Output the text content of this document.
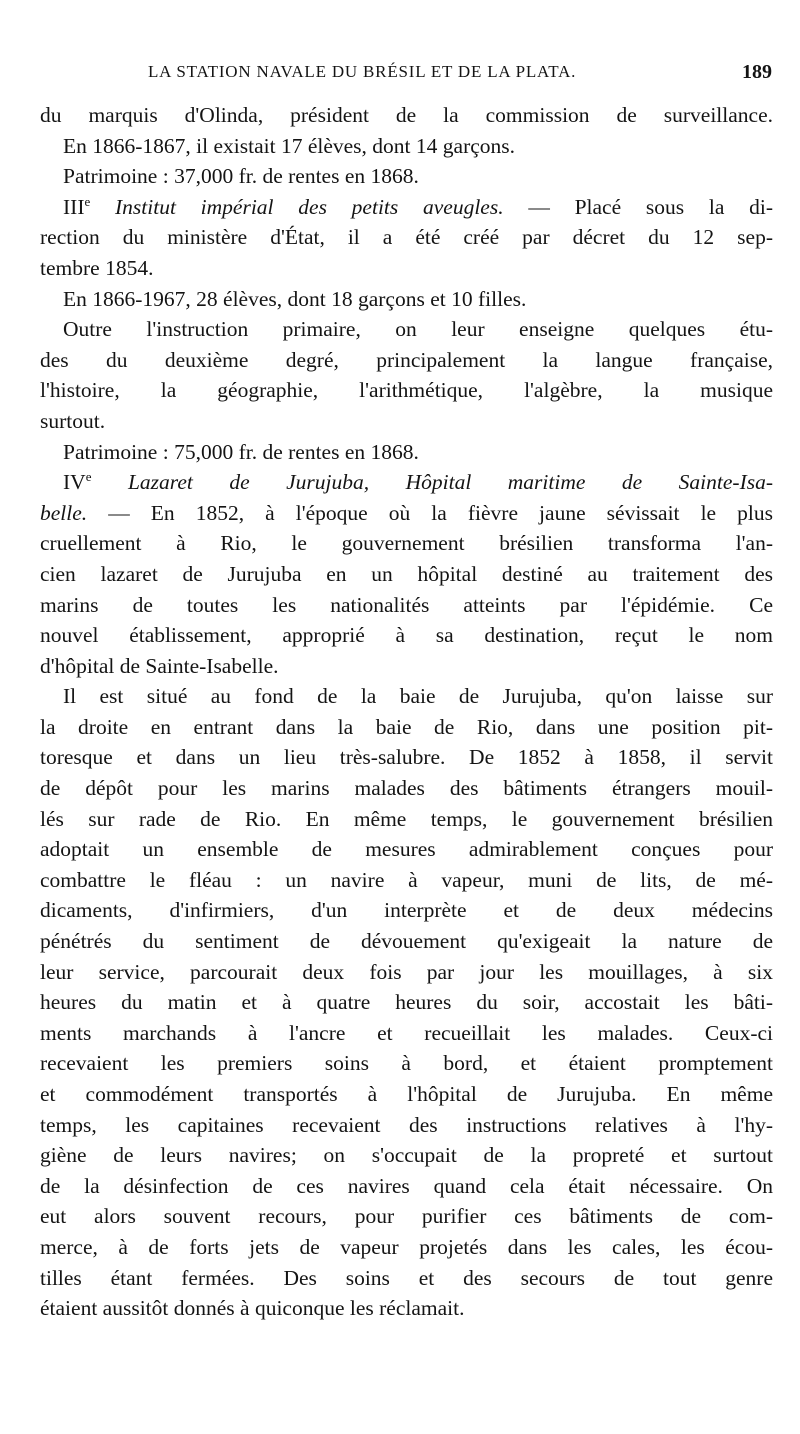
LA STATION NAVALE DU BRÉSIL ET DE LA PLATA.	189
du marquis d'Olinda, président de la commission de surveillance.
En 1866-1867, il existait 17 élèves, dont 14 garçons.
Patrimoine : 37,000 fr. de rentes en 1868.
IIIe Institut impérial des petits aveugles. — Placé sous la di-
rection du ministère d'État, il a été créé par décret du 12 sep-
tembre 1854.
En 1866-1967, 28 élèves, dont 18 garçons et 10 filles.
Outre l'instruction primaire, on leur enseigne quelques étu-
des du deuxième degré, principalement la langue française,
l'histoire, la géographie, l'arithmétique, l'algèbre, la musique
surtout.
Patrimoine : 75,000 fr. de rentes en 1868.
IVe Lazaret de Jurujuba, Hôpital maritime de Sainte-Isa-
belle. — En 1852, à l'époque où la fièvre jaune sévissait le plus
cruellement à Rio, le gouvernement brésilien transforma l'an-
cien lazaret de Jurujuba en un hôpital destiné au traitement des
marins de toutes les nationalités atteints par l'épidémie. Ce
nouvel établissement, approprié à sa destination, reçut le nom
d'hôpital de Sainte-Isabelle.
Il est situé au fond de la baie de Jurujuba, qu'on laisse sur
la droite en entrant dans la baie de Rio, dans une position pit-
toresque et dans un lieu très-salubre. De 1852 à 1858, il servit
de dépôt pour les marins malades des bâtiments étrangers mouil-
lés sur rade de Rio. En même temps, le gouvernement brésilien
adoptait un ensemble de mesures admirablement conçues pour
combattre le fléau : un navire à vapeur, muni de lits, de mé-
dicaments, d'infirmiers, d'un interprète et de deux médecins
pénétrés du sentiment de dévouement qu'exigeait la nature de
leur service, parcourait deux fois par jour les mouillages, à six
heures du matin et à quatre heures du soir, accostait les bâti-
ments marchands à l'ancre et recueillait les malades. Ceux-ci
recevaient les premiers soins à bord, et étaient promptement
et commodément transportés à l'hôpital de Jurujuba. En même
temps, les capitaines recevaient des instructions relatives à l'hy-
giène de leurs navires; on s'occupait de la propreté et surtout
de la désinfection de ces navires quand cela était nécessaire. On
eut alors souvent recours, pour purifier ces bâtiments de com-
merce, à de forts jets de vapeur projetés dans les cales, les écou-
tilles étant fermées. Des soins et des secours de tout genre
étaient aussitôt donnés à quiconque les réclamait.
